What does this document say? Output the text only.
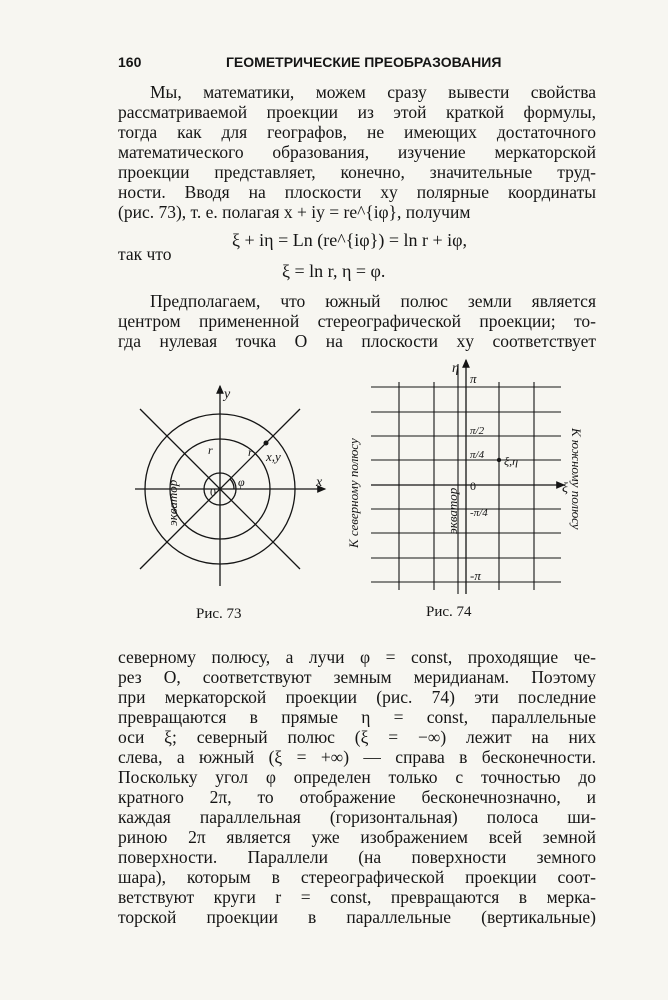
160	ГЕОМЕТРИЧЕСКИЕ ПРЕОБРАЗОВАНИЯ
Мы, математики, можем сразу вывести свойства
рассматриваемой проекции из этой краткой формулы,
тогда как для географов, не имеющих достаточного
математического образования, изучение меркаторской
проекции представляет, конечно, значительные труд-
ности. Вводя на плоскости xy полярные координаты
(рис. 73), т. е. полагая x + iy = re^{iφ}, получим
ξ + iη = Ln (re^{iφ}) = ln r + iφ,
так что
ξ = ln r, η = φ.
Предполагаем, что южный полюс земли является
центром примененной стереографической проекции; то-
гда нулевая точка O на плоскости xy соответствует
y
x
0
φ
r x,y
r
экватор
Рис. 73
η
ξ
π
π/2
π/4
0
-π/4
-π
ξ,η
экватор
К северному полюсу	К южному полюсу
Рис. 74
северному полюсу, а лучи φ = const, проходящие че-
рез O, соответствуют земным меридианам. Поэтому
при меркаторской проекции (рис. 74) эти последние
превращаются в прямые η = const, параллельные
оси ξ; северный полюс (ξ = −∞) лежит на них
слева, а южный (ξ = +∞) — справа в бесконечности.
Поскольку угол φ определен только с точностью до
кратного 2π, то отображение бесконечнозначно, и
каждая параллельная (горизонтальная) полоса ши-
риною 2π является уже изображением всей земной
поверхности. Параллели (на поверхности земного
шара), которым в стереографической проекции соот-
ветствуют круги r = const, превращаются в мерка-
торской проекции в параллельные (вертикальные)
